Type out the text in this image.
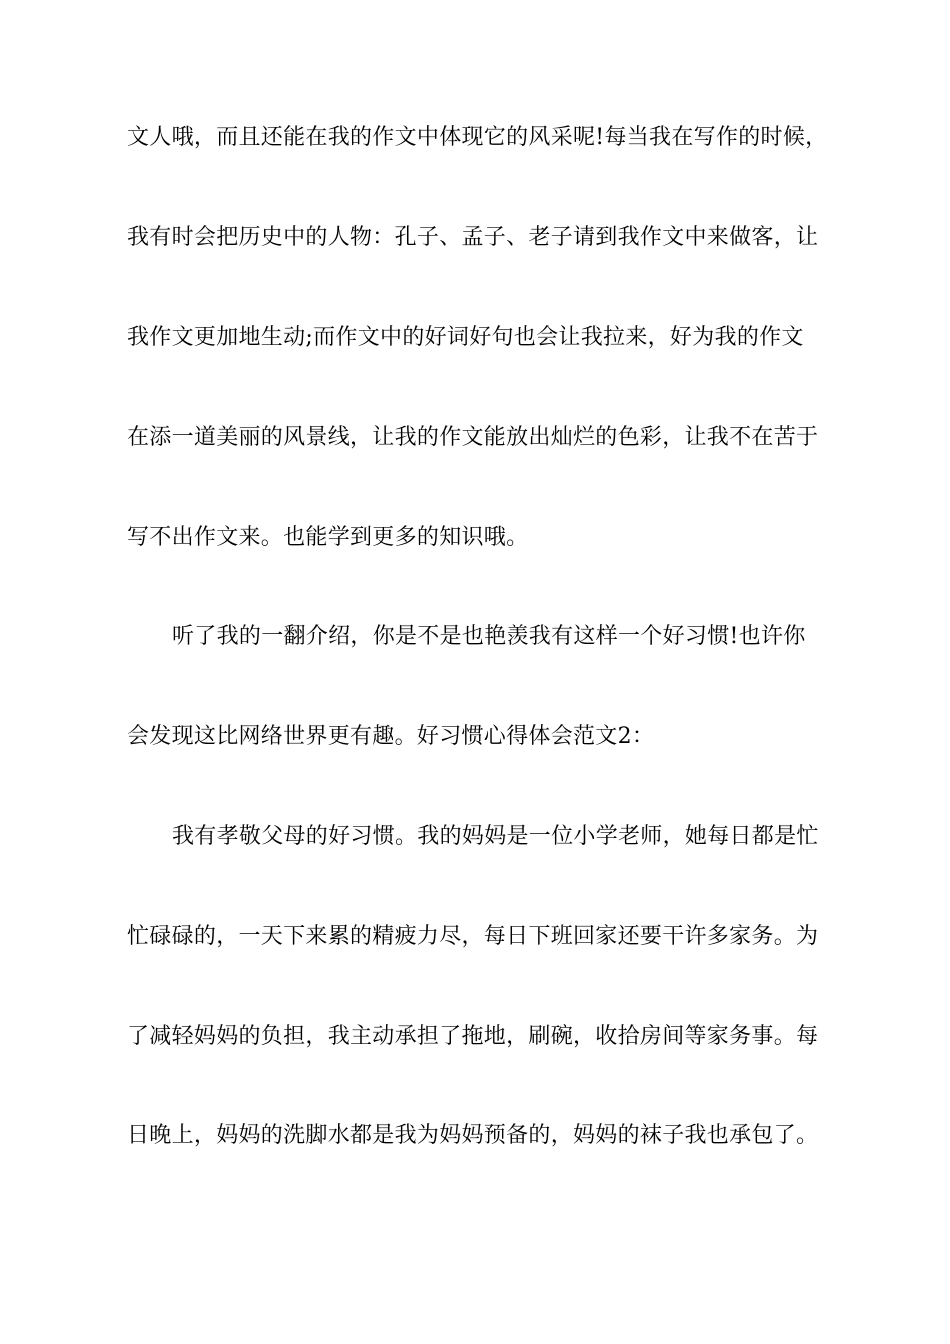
文人哦，而且还能在我的作文中体现它的风采呢!每当我在写作的时候，
我有时会把历史中的人物：孔子、孟子、老子请到我作文中来做客，让
我作文更加地生动;而作文中的好词好句也会让我拉来，好为我的作文
在添一道美丽的风景线，让我的作文能放出灿烂的色彩，让我不在苦于
写不出作文来。也能学到更多的知识哦。
听了我的一翻介绍，你是不是也艳羡我有这样一个好习惯!也许你
会发现这比网络世界更有趣。好习惯心得体会范文2：
我有孝敬父母的好习惯。我的妈妈是一位小学老师，她每日都是忙
忙碌碌的，一天下来累的精疲力尽，每日下班回家还要干许多家务。为
了减轻妈妈的负担，我主动承担了拖地，刷碗，收拾房间等家务事。每
日晚上，妈妈的洗脚水都是我为妈妈预备的，妈妈的袜子我也承包了。
